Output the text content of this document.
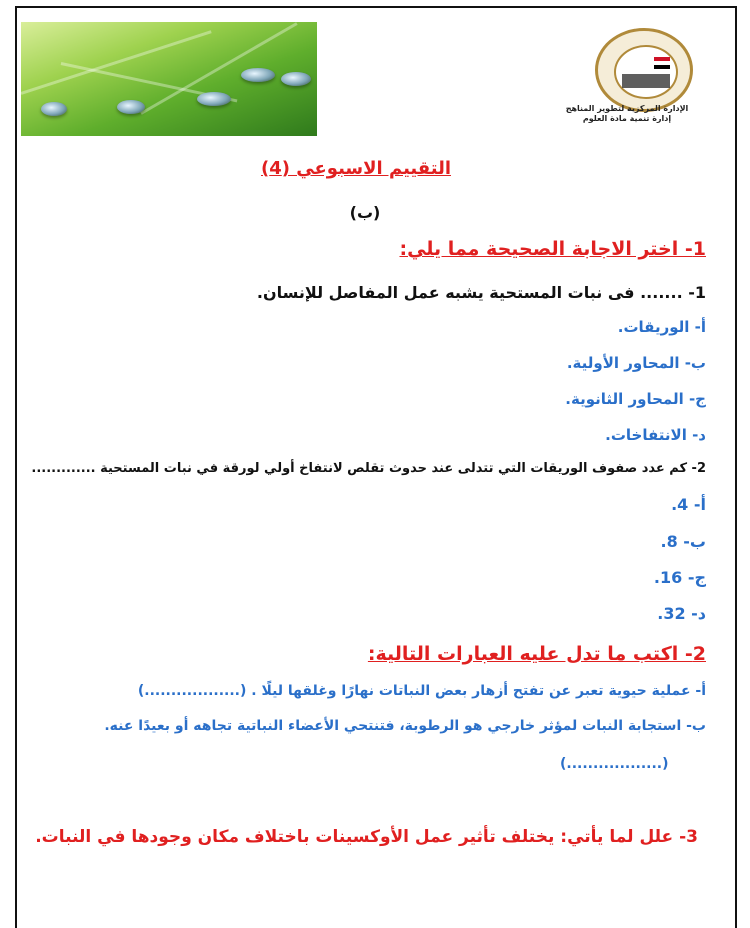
الإدارة المركزية لتطوير المناهج
إدارة تنمية مادة العلوم
التقييم الاسبوعي (4)
(ب)
1- اختر الاجابة الصحيحة مما يلي:
1- ....... فى نبات المستحية يشبه عمل المفاصل للإنسان.
أ- الوريقات.
ب- المحاور الأولية.
ج- المحاور الثانوية.
د- الانتفاخات.
2- كم عدد صفوف الوريقات التي تتدلى عند حدوث تقلص لانتفاخ أولي لورقة في نبات المستحية .............
أ- 4.
ب- 8.
ج- 16.
د- 32.
2- اكتب ما تدل عليه العبارات التالية:
أ- عملية حيوية تعبر عن تفتح أزهار بعض النباتات نهارًا وغلقها ليلًا . (..................)
ب- استجابة النبات لمؤثر خارجي هو الرطوبة، فتنتحي الأعضاء النباتية تجاهه أو بعيدًا عنه.
(..................)
3- علل لما يأتي: يختلف تأثير عمل الأوكسينات باختلاف مكان وجودها في النبات.
